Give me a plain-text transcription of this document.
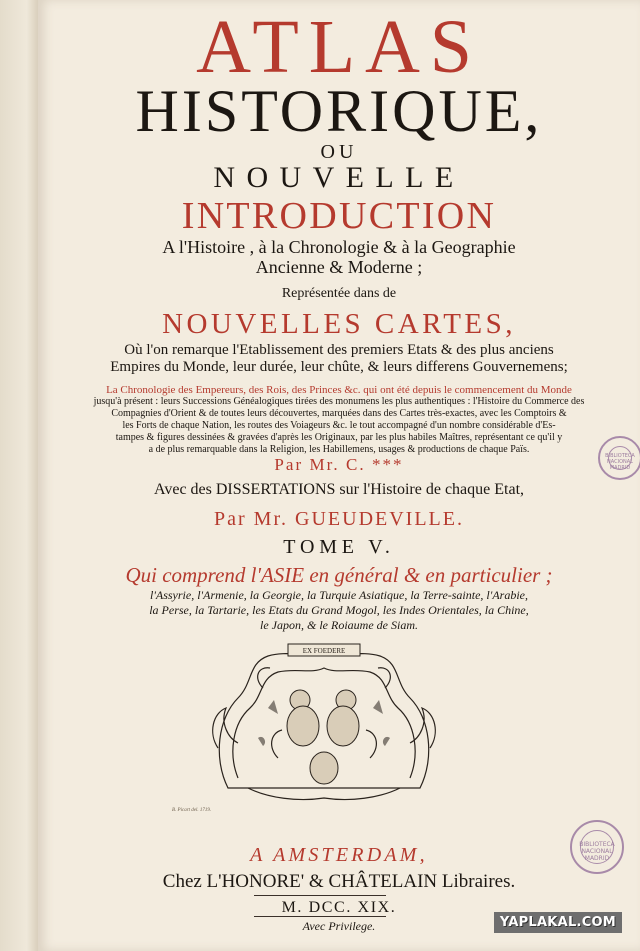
ATLAS
HISTORIQUE,
OU
NOUVELLE
INTRODUCTION
A l'Histoire , à la Chronologie & à la Geographie
Ancienne & Moderne ;
Représentée dans de
NOUVELLES CARTES,
Où l'on remarque l'Etablissement des premiers Etats & des plus anciens
Empires du Monde, leur durée, leur chûte, & leurs differens Gouvernemens;
La Chronologie des Empereurs, des Rois, des Princes &c. qui ont été depuis le commencement du Monde
jusqu'à présent : leurs Successions Généalogiques tirées des monumens les plus authentiques : l'Histoire du Commerce des
Compagnies d'Orient & de toutes leurs découvertes, marquées dans des Cartes très-exactes, avec les Comptoirs &
les Forts de chaque Nation, les routes des Voiageurs &c. le tout accompagné d'un nombre considérable d'Es-
tampes & figures dessinées & gravées d'après les Originaux, par les plus habiles Maîtres, représentant ce qu'il y
a de plus remarquable dans la Religion, les Habillemens, usages & productions de chaque Païs.
Par Mr. C. ***
Avec des DISSERTATIONS sur l'Histoire de chaque Etat,
Par Mr. GUEUDEVILLE.
TOME V.
Qui comprend l'ASIE en général & en particulier ;
l'Assyrie, l'Armenie, la Georgie, la Turquie Asiatique, la Terre-sainte, l'Arabie,
la Perse, la Tartarie, les Etats du Grand Mogol, les Indes Orientales, la Chine,
le Japon, & le Roiaume de Siam.
EX FOEDERE
B. Picart del. 1719.
A AMSTERDAM,
Chez L'HONORE' & CHÂTELAIN Libraires.
M. DCC. XIX.
Avec Privilege.
BIBLIOTECA NACIONAL MADRID
BIBLIOTECA NACIONAL MADRID
YAPLAKAL.COM
